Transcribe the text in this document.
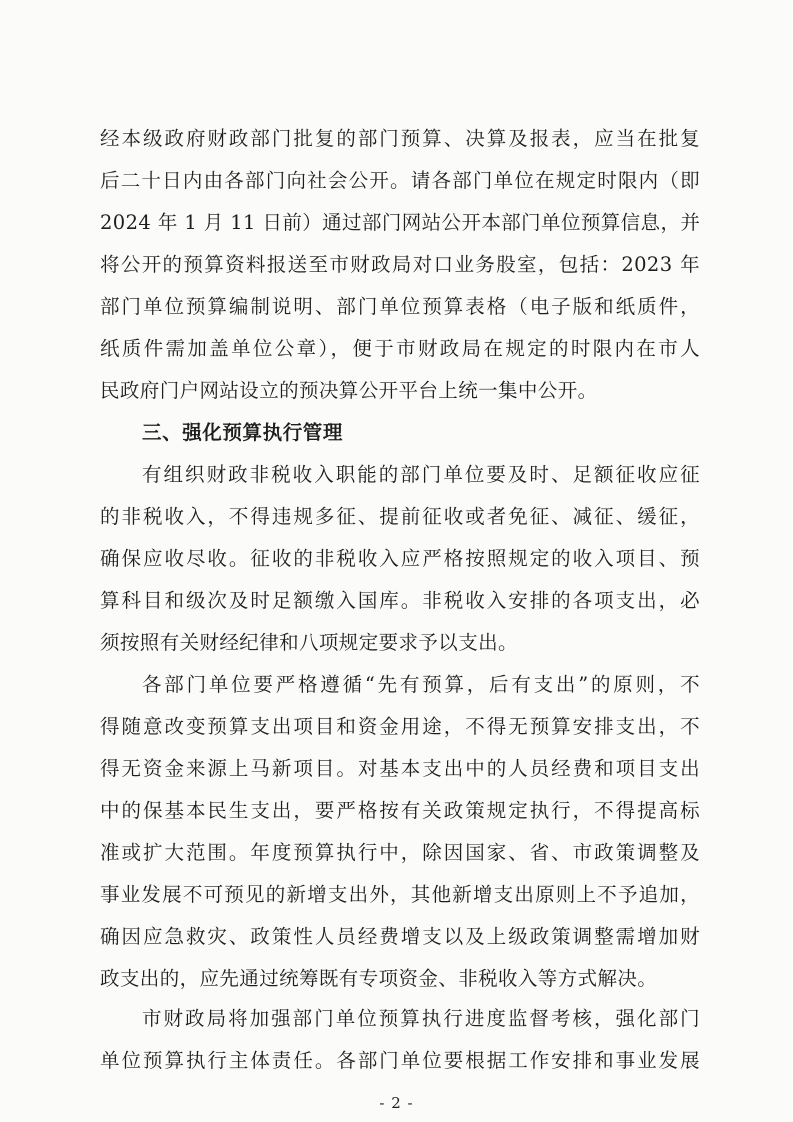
经本级政府财政部门批复的部门预算、决算及报表，应当在批复
后二十日内由各部门向社会公开。请各部门单位在规定时限内（即
2024 年 1 月 11 日前）通过部门网站公开本部门单位预算信息，并
将公开的预算资料报送至市财政局对口业务股室，包括：2023 年
部门单位预算编制说明、部门单位预算表格（电子版和纸质件，
纸质件需加盖单位公章），便于市财政局在规定的时限内在市人
民政府门户网站设立的预决算公开平台上统一集中公开。
三、强化预算执行管理
有组织财政非税收入职能的部门单位要及时、足额征收应征
的非税收入，不得违规多征、提前征收或者免征、减征、缓征，
确保应收尽收。征收的非税收入应严格按照规定的收入项目、预
算科目和级次及时足额缴入国库。非税收入安排的各项支出，必
须按照有关财经纪律和八项规定要求予以支出。
各部门单位要严格遵循“先有预算，后有支出”的原则，不
得随意改变预算支出项目和资金用途，不得无预算安排支出，不
得无资金来源上马新项目。对基本支出中的人员经费和项目支出
中的保基本民生支出，要严格按有关政策规定执行，不得提高标
准或扩大范围。年度预算执行中，除因国家、省、市政策调整及
事业发展不可预见的新增支出外，其他新增支出原则上不予追加，
确因应急救灾、政策性人员经费增支以及上级政策调整需增加财
政支出的，应先通过统筹既有专项资金、非税收入等方式解决。
市财政局将加强部门单位预算执行进度监督考核，强化部门
单位预算执行主体责任。各部门单位要根据工作安排和事业发展
- 2 -
